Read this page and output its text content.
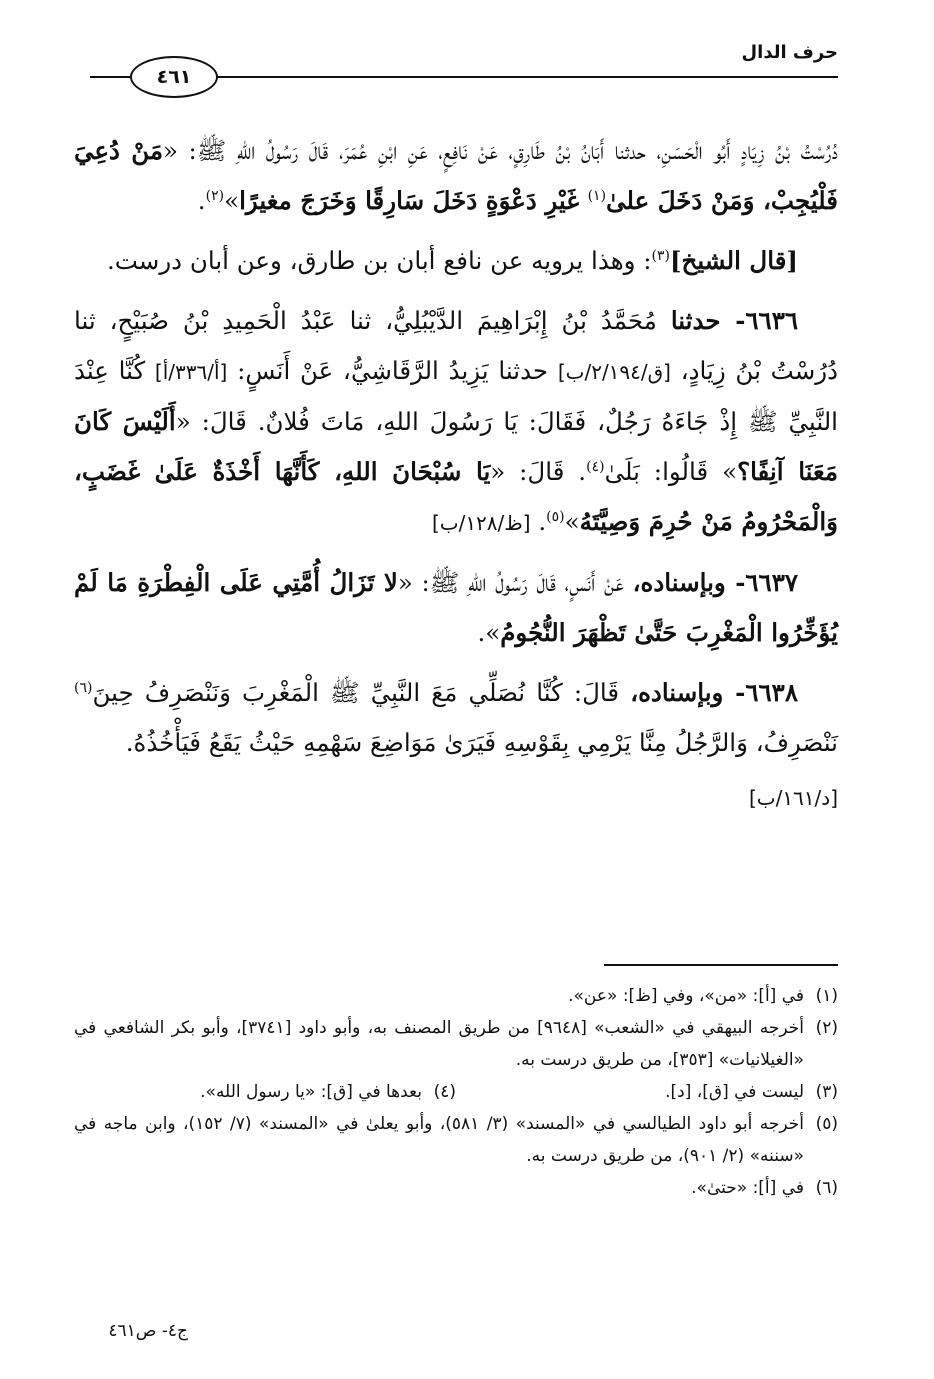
حرف الدال
٤٦١

دُرُسْتُ بْنُ زِيَادٍ أَبُو الْحَسَنِ، حدثنا أَبَانُ بْنُ طَارِقٍ، عَنْ نَافِعٍ، عَنِ ابْنِ عُمَرَ، قَالَ رَسُولُ اللهِ ﷺ: «مَنْ دُعِيَ فَلْيُجِبْ، وَمَنْ دَخَلَ علىٰ$^{(١)}$ غَيْرِ دَعْوَةٍ دَخَلَ سَارِقًا وَخَرَجَ مغيرًا»$^{(٢)}$.

[قال الشيخ]$^{(٣)}$: وهذا يرويه عن نافع أبان بن طارق، وعن أبان درست.

٦٦٣٦- حدثنا مُحَمَّدُ بْنُ إِبْرَاهِيمَ الدَّيْبُلِيُّ، ثنا عَبْدُ الْحَمِيدِ بْنُ صُبَيْحٍ، ثنا دُرُسْتُ بْنُ زِيَادٍ، [ق/٢/١٩٤/ب] حدثنا يَزِيدُ الرَّقَاشِيُّ، عَنْ أَنَسٍ: [أ/٣٣٦/أ] كُنَّا عِنْدَ النَّبِيِّ ﷺ إِذْ جَاءَهُ رَجُلٌ، فَقَالَ: يَا رَسُولَ اللهِ، مَاتَ فُلانٌ. قَالَ: «أَلَيْسَ كَانَ مَعَنَا آنِفًا؟» قَالُوا: بَلَىٰ$^{(٤)}$. قَالَ: «يَا سُبْحَانَ اللهِ، كَأَنَّهَا أَخْذَةٌ عَلَىٰ غَضَبٍ، وَالْمَحْرُومُ مَنْ حُرِمَ وَصِيَّتَهُ»$^{(٥)}$. [ظ/١٢٨/ب]

٦٦٣٧- وبإسناده، عَنْ أَنَسٍ، قَالَ رَسُولُ اللهِ ﷺ: «لا تَزَالُ أُمَّتِي عَلَى الْفِطْرَةِ مَا لَمْ يُؤَخِّرُوا الْمَغْرِبَ حَتَّىٰ تَظْهَرَ النُّجُومُ».

٦٦٣٨- وبإسناده، قَالَ: كُنَّا نُصَلِّي مَعَ النَّبِيِّ ﷺ الْمَغْرِبَ وَنَنْصَرِفُ حِينَ$^{(٦)}$ نَنْصَرِفُ، وَالرَّجُلُ مِنَّا يَرْمِي بِقَوْسِهِ فَيَرَىٰ مَوَاضِعَ سَهْمِهِ حَيْثُ يَقَعُ فَيَأْخُذُهُ.

[د/١٦١/ب]
(١)
في [أ]: «من»، وفي [ظ]: «عن».
(٢)
أخرجه البيهقي في «الشعب» [٩٦٤٨] من طريق المصنف به، وأبو داود [٣٧٤١]، وأبو بكر الشافعي في «الغيلانيات» [٣٥٣]، من طريق درست به.
(٣)
ليست في [ق]، [د].
(٤)
بعدها في [ق]: «يا رسول الله».
(٥)
أخرجه أبو داود الطيالسي في «المسند» (٣/ ٥٨١)، وأبو يعلىٰ في «المسند» (٧/ ١٥٢)، وابن ماجه في «سننه» (٢/ ٩٠١)، من طريق درست به.
(٦)
في [أ]: «حتىٰ».
ج٤- ص٤٦١
